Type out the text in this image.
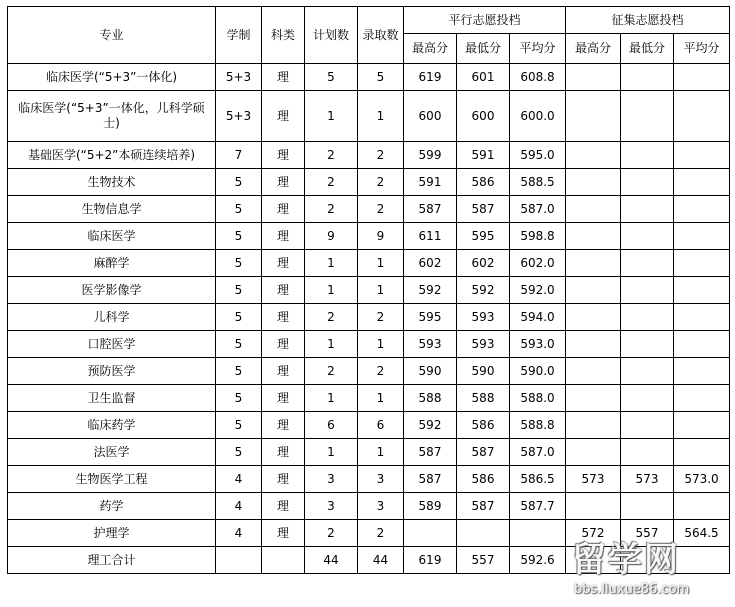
专业	学制	科类	计划数	录取数	平行志愿投档			征集志愿投档		
					最高分	最低分	平均分	最高分	最低分	平均分
临床医学(“5+3”一体化)	5+3	理	5	5	619	601	608.8			
临床医学(“5+3”一体化，儿科学硕士)	5+3	理	1	1	600	600	600.0			
基础医学(“5+2”本硕连续培养)	7	理	2	2	599	591	595.0			
生物技术	5	理	2	2	591	586	588.5			
生物信息学	5	理	2	2	587	587	587.0			
临床医学	5	理	9	9	611	595	598.8			
麻醉学	5	理	1	1	602	602	602.0			
医学影像学	5	理	1	1	592	592	592.0			
儿科学	5	理	2	2	595	593	594.0			
口腔医学	5	理	1	1	593	593	593.0			
预防医学	5	理	2	2	590	590	590.0			
卫生监督	5	理	1	1	588	588	588.0			
临床药学	5	理	6	6	592	586	588.8			
法医学	5	理	1	1	587	587	587.0			
生物医学工程	4	理	3	3	587	586	586.5	573	573	573.0
药学	4	理	3	3	589	587	587.7			
护理学	4	理	2	2				572	557	564.5
理工合计			44	44	619	557	592.6			留学网
bbs.liuxue86.com
